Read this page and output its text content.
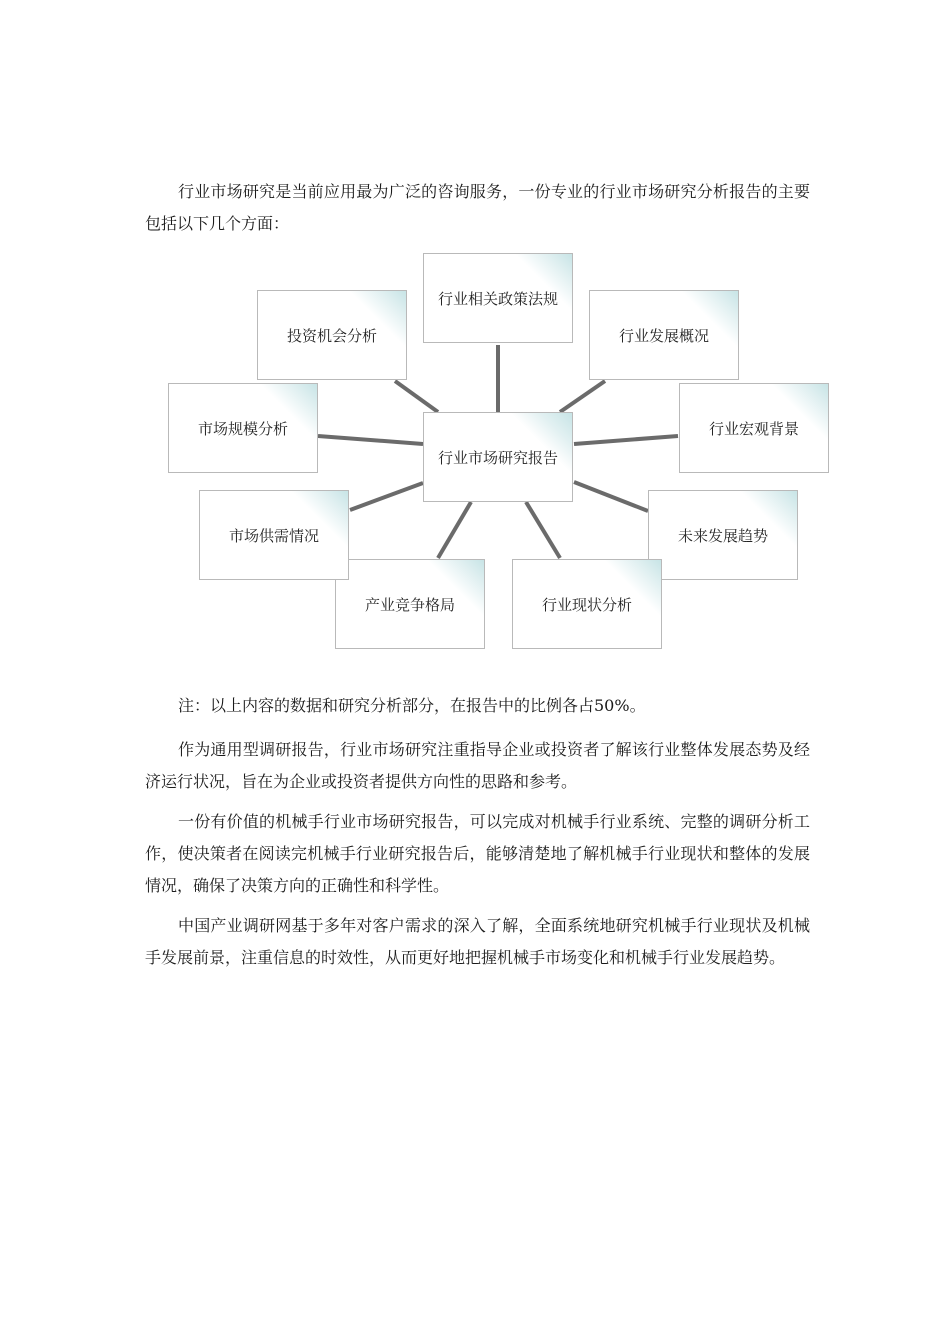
行业市场研究是当前应用最为广泛的咨询服务，一份专业的行业市场研究分析报告的主要包括以下几个方面：

行业相关政策法规
行业发展概况
行业宏观背景
未来发展趋势
行业现状分析
产业竞争格局
市场供需情况
市场规模分析
投资机会分析
行业市场研究报告

注：以上内容的数据和研究分析部分，在报告中的比例各占50%。

作为通用型调研报告，行业市场研究注重指导企业或投资者了解该行业整体发展态势及经济运行状况，旨在为企业或投资者提供方向性的思路和参考。

一份有价值的机械手行业市场研究报告，可以完成对机械手行业系统、完整的调研分析工作，使决策者在阅读完机械手行业研究报告后，能够清楚地了解机械手行业现状和整体的发展情况，确保了决策方向的正确性和科学性。

中国产业调研网基于多年对客户需求的深入了解，全面系统地研究机械手行业现状及机械手发展前景，注重信息的时效性，从而更好地把握机械手市场变化和机械手行业发展趋势。
